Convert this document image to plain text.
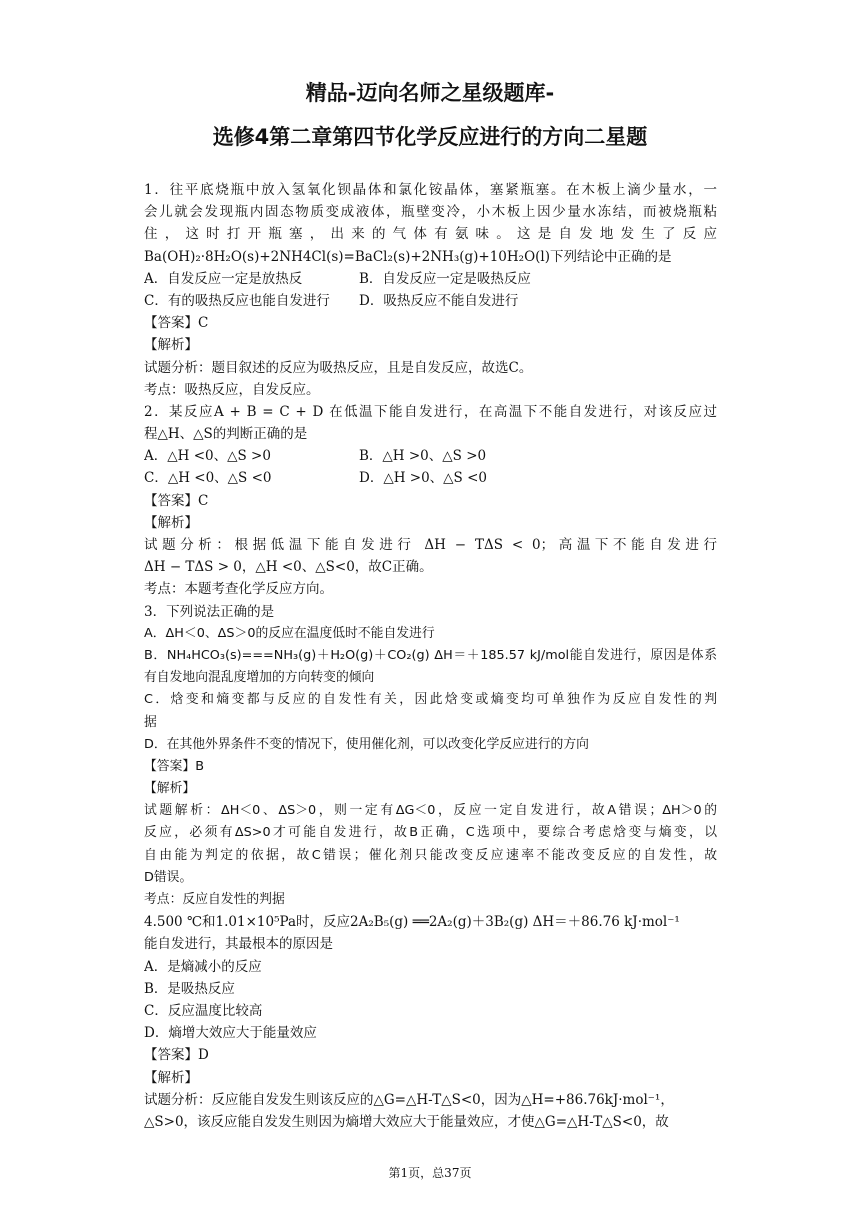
精品-迈向名师之星级题库-
选修4第二章第四节化学反应进行的方向二星题
1．往平底烧瓶中放入氢氧化钡晶体和氯化铵晶体，塞紧瓶塞。在木板上滴少量水，一
会儿就会发现瓶内固态物质变成液体，瓶壁变冷，小木板上因少量水冻结，而被烧瓶粘
住，这时打开瓶塞，出来的气体有氨味。这是自发地发生了反应
Ba(OH)₂·8H₂O(s)+2NH4Cl(s)=BaCl₂(s)+2NH₃(g)+10H₂O(l)下列结论中正确的是
A．自发反应一定是放热反	B．自发反应一定是吸热反应
C．有的吸热反应也能自发进行	D．吸热反应不能自发进行
【答案】C
【解析】
试题分析：题目叙述的反应为吸热反应，且是自发反应，故选C。
考点：吸热反应，自发反应。
2．某反应A + B = C + D 在低温下能自发进行，在高温下不能自发进行，对该反应过
程△H、△S的判断正确的是
A．△H <0、△S >0	B．△H >0、△S >0
C．△H <0、△S <0	D．△H >0、△S <0
【答案】C
【解析】
试题分析：根据低温下能自发进行 ΔH − TΔS < 0；高温下不能自发进行
ΔH − TΔS > 0，△H <0、△S<0，故C正确。
考点：本题考查化学反应方向。
3．下列说法正确的是
A．ΔH＜0、ΔS＞0的反应在温度低时不能自发进行
B．NH₄HCO₃(s)===NH₃(g)＋H₂O(g)＋CO₂(g) ΔH＝＋185.57 kJ/mol能自发进行，原因是体系
有自发地向混乱度增加的方向转变的倾向
C．焓变和熵变都与反应的自发性有关，因此焓变或熵变均可单独作为反应自发性的判
据
D．在其他外界条件不变的情况下，使用催化剂，可以改变化学反应进行的方向
【答案】B
【解析】
试题解析：ΔH＜0、ΔS＞0，则一定有ΔG＜0，反应一定自发进行，故A错误；ΔH＞0的
反应，必须有ΔS>0才可能自发进行，故B正确，C选项中，要综合考虑焓变与熵变，以
自由能为判定的依据，故C错误；催化剂只能改变反应速率不能改变反应的自发性，故
D错误。
考点：反应自发性的判据
4.500 ℃和1.01×10⁵Pa时，反应2A₂B₅(g) ══2A₂(g)＋3B₂(g) ΔH＝＋86.76 kJ·mol⁻¹
能自发进行，其最根本的原因是
A．是熵减小的反应
B．是吸热反应
C．反应温度比较高
D．熵增大效应大于能量效应
【答案】D
【解析】
试题分析：反应能自发发生则该反应的△G=△H-T△S<0，因为△H=+86.76kJ·mol⁻¹，
△S>0，该反应能自发发生则因为熵增大效应大于能量效应，才使△G=△H-T△S<0，故
第1页，总37页
